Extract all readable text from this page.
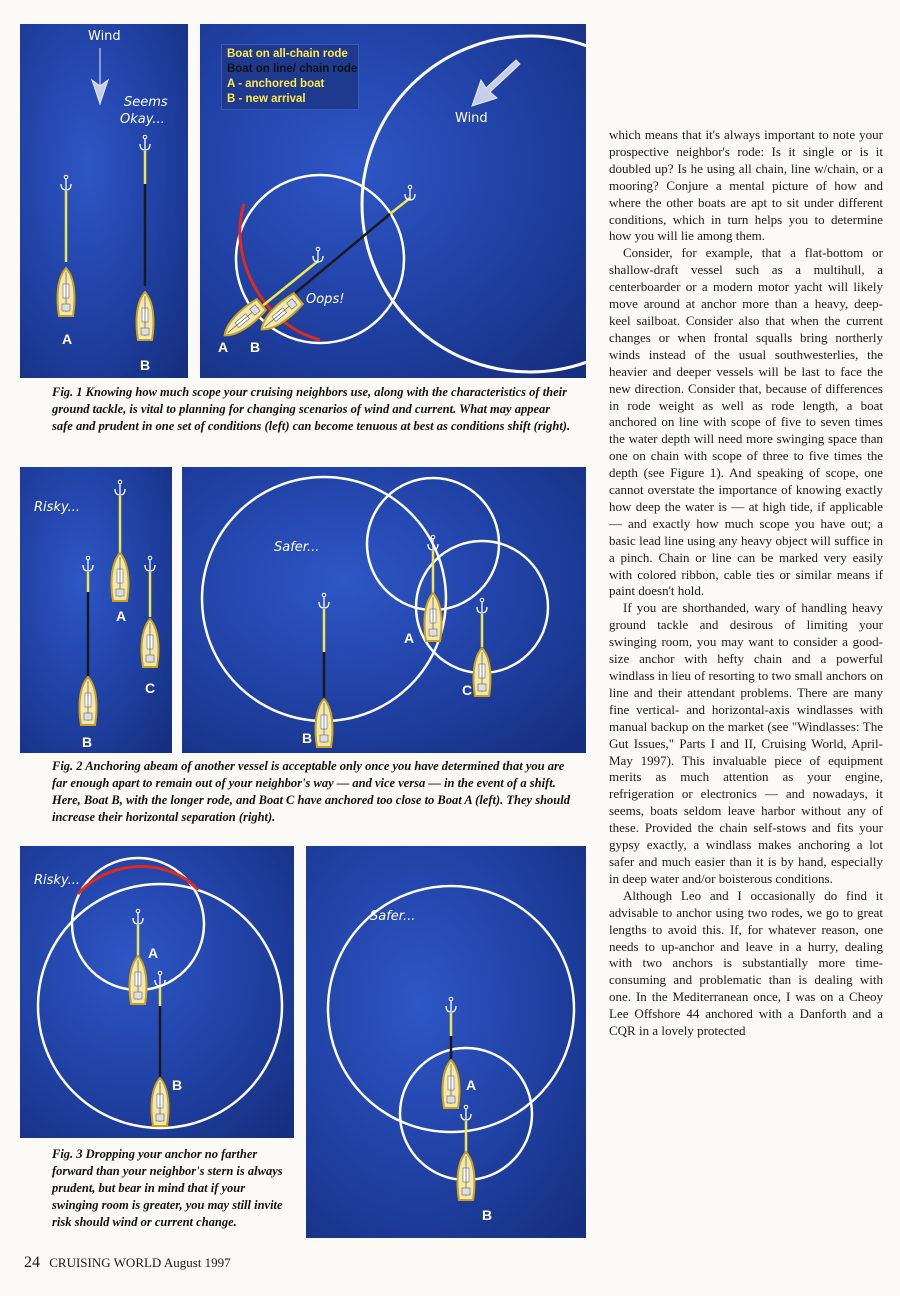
Wind
Seems Okay...
A
B
Oops!
Wind
A B
Boat on all-chain rode
Boat on line/ chain rode
A - anchored boat
B - new arrival

Fig. 1 Knowing how much scope your cruising neighbors use, along with the characteristics of their ground tackle, is vital to planning for changing scenarios of wind and current. What may appear safe and prudent in one set of conditions (left) can become tenuous at best as conditions shift (right).

Risky...
A
C
B
Safer...
A
C
B

Fig. 2 Anchoring abeam of another vessel is acceptable only once you have determined that you are far enough apart to remain out of your neighbor's way — and vice versa — in the event of a shift. Here, Boat B, with the longer rode, and Boat C have anchored too close to Boat A (left). They should increase their horizontal separation (right).

Risky...
A
B
Safer...
A
B

Fig. 3 Dropping your anchor no farther forward than your neighbor's stern is always prudent, but bear in mind that if your swinging room is greater, you may still invite risk should wind or current change.

which means that it's always important to note your prospective neighbor's rode: Is it single or is it doubled up? Is he using all chain, line w/chain, or a mooring? Conjure a mental picture of how and where the other boats are apt to sit under different conditions, which in turn helps you to determine how you will lie among them.

Consider, for example, that a flat-bottom or shallow-draft vessel such as a multihull, a centerboarder or a modern motor yacht will likely move around at anchor more than a heavy, deep-keel sailboat. Consider also that when the current changes or when frontal squalls bring northerly winds instead of the usual southwesterlies, the heavier and deeper vessels will be last to face the new direction. Consider that, because of differences in rode weight as well as rode length, a boat anchored on line with scope of five to seven times the water depth will need more swinging space than one on chain with scope of three to five times the depth (see Figure 1). And speaking of scope, one cannot overstate the importance of knowing exactly how deep the water is — at high tide, if applicable — and exactly how much scope you have out; a basic lead line using any heavy object will suffice in a pinch. Chain or line can be marked very easily with colored ribbon, cable ties or similar means if paint doesn't hold.

If you are shorthanded, wary of handling heavy ground tackle and desirous of limiting your swinging room, you may want to consider a good-size anchor with hefty chain and a powerful windlass in lieu of resorting to two small anchors on line and their attendant problems. There are many fine vertical- and horizontal-axis windlasses with manual backup on the market (see "Windlasses: The Gut Issues," Parts I and II, Cruising World, April-May 1997). This invaluable piece of equipment merits as much attention as your engine, refrigeration or electronics — and nowadays, it seems, boats seldom leave harbor without any of these. Provided the chain self-stows and fits your gypsy exactly, a windlass makes anchoring a lot safer and much easier than it is by hand, especially in deep water and/or boisterous conditions.

Although Leo and I occasionally do find it advisable to anchor using two rodes, we go to great lengths to avoid this. If, for whatever reason, one needs to up-anchor and leave in a hurry, dealing with two anchors is substantially more time-consuming and problematic than is dealing with one. In the Mediterranean once, I was on a Cheoy Lee Offshore 44 anchored with a Danforth and a CQR in a lovely protected

24 CRUISING WORLD August 1997
